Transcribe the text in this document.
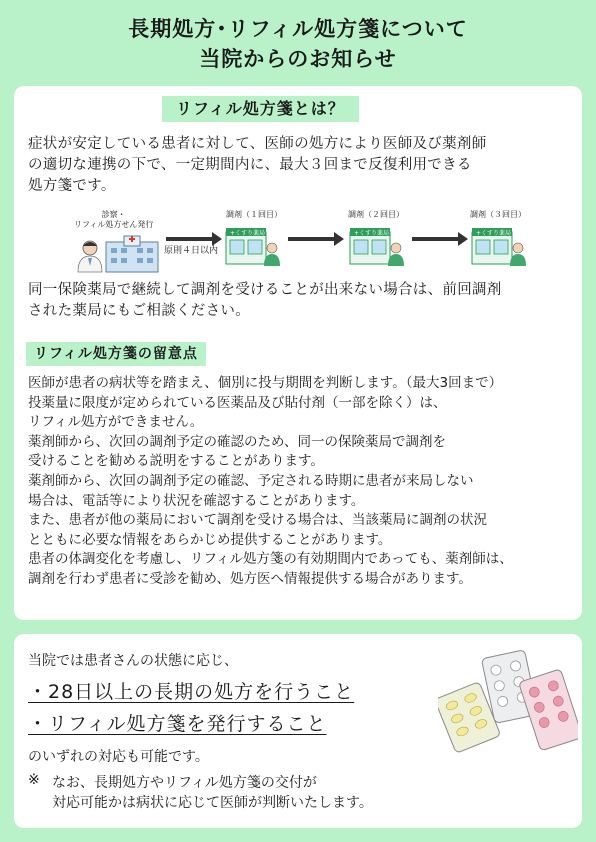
長期処方･リフィル処方箋について
当院からのお知らせ
リフィル処方箋とは？
症状が安定している患者に対して、医師の処方により医師及び薬剤師
の適切な連携の下で、一定期間内に、最大３回まで反復利用できる
処方箋です。
診察・
リフィル処方せん発行
原則４日以内
調剤（１回目）
+くすり薬局
調剤（２回目）
+くすり薬局
調剤（３回目）
+くすり薬局
同一保険薬局で継続して調剤を受けることが出来ない場合は、前回調剤
された薬局にもご相談ください。
リフィル処方箋の留意点
医師が患者の病状等を踏まえ、個別に投与期間を判断します。（最大3回まで）
投薬量に限度が定められている医薬品及び貼付剤（一部を除く）は、
リフィル処方ができません。
薬剤師から、次回の調剤予定の確認のため、同一の保険薬局で調剤を
受けることを勧める説明をすることがあります。
薬剤師から、次回の調剤予定の確認、予定される時期に患者が来局しない
場合は、電話等により状況を確認することがあります。
また、患者が他の薬局において調剤を受ける場合は、当該薬局に調剤の状況
とともに必要な情報をあらかじめ提供することがあります。
患者の体調変化を考慮し、リフィル処方箋の有効期間内であっても、薬剤師は、
調剤を行わず患者に受診を勧め、処方医へ情報提供する場合があります。
当院では患者さんの状態に応じ、
・28日以上の長期の処方を行うこと
・リフィル処方箋を発行すること
のいずれの対応も可能です。
※ なお、長期処方やリフィル処方箋の交付が
対応可能かは病状に応じて医師が判断いたします。
